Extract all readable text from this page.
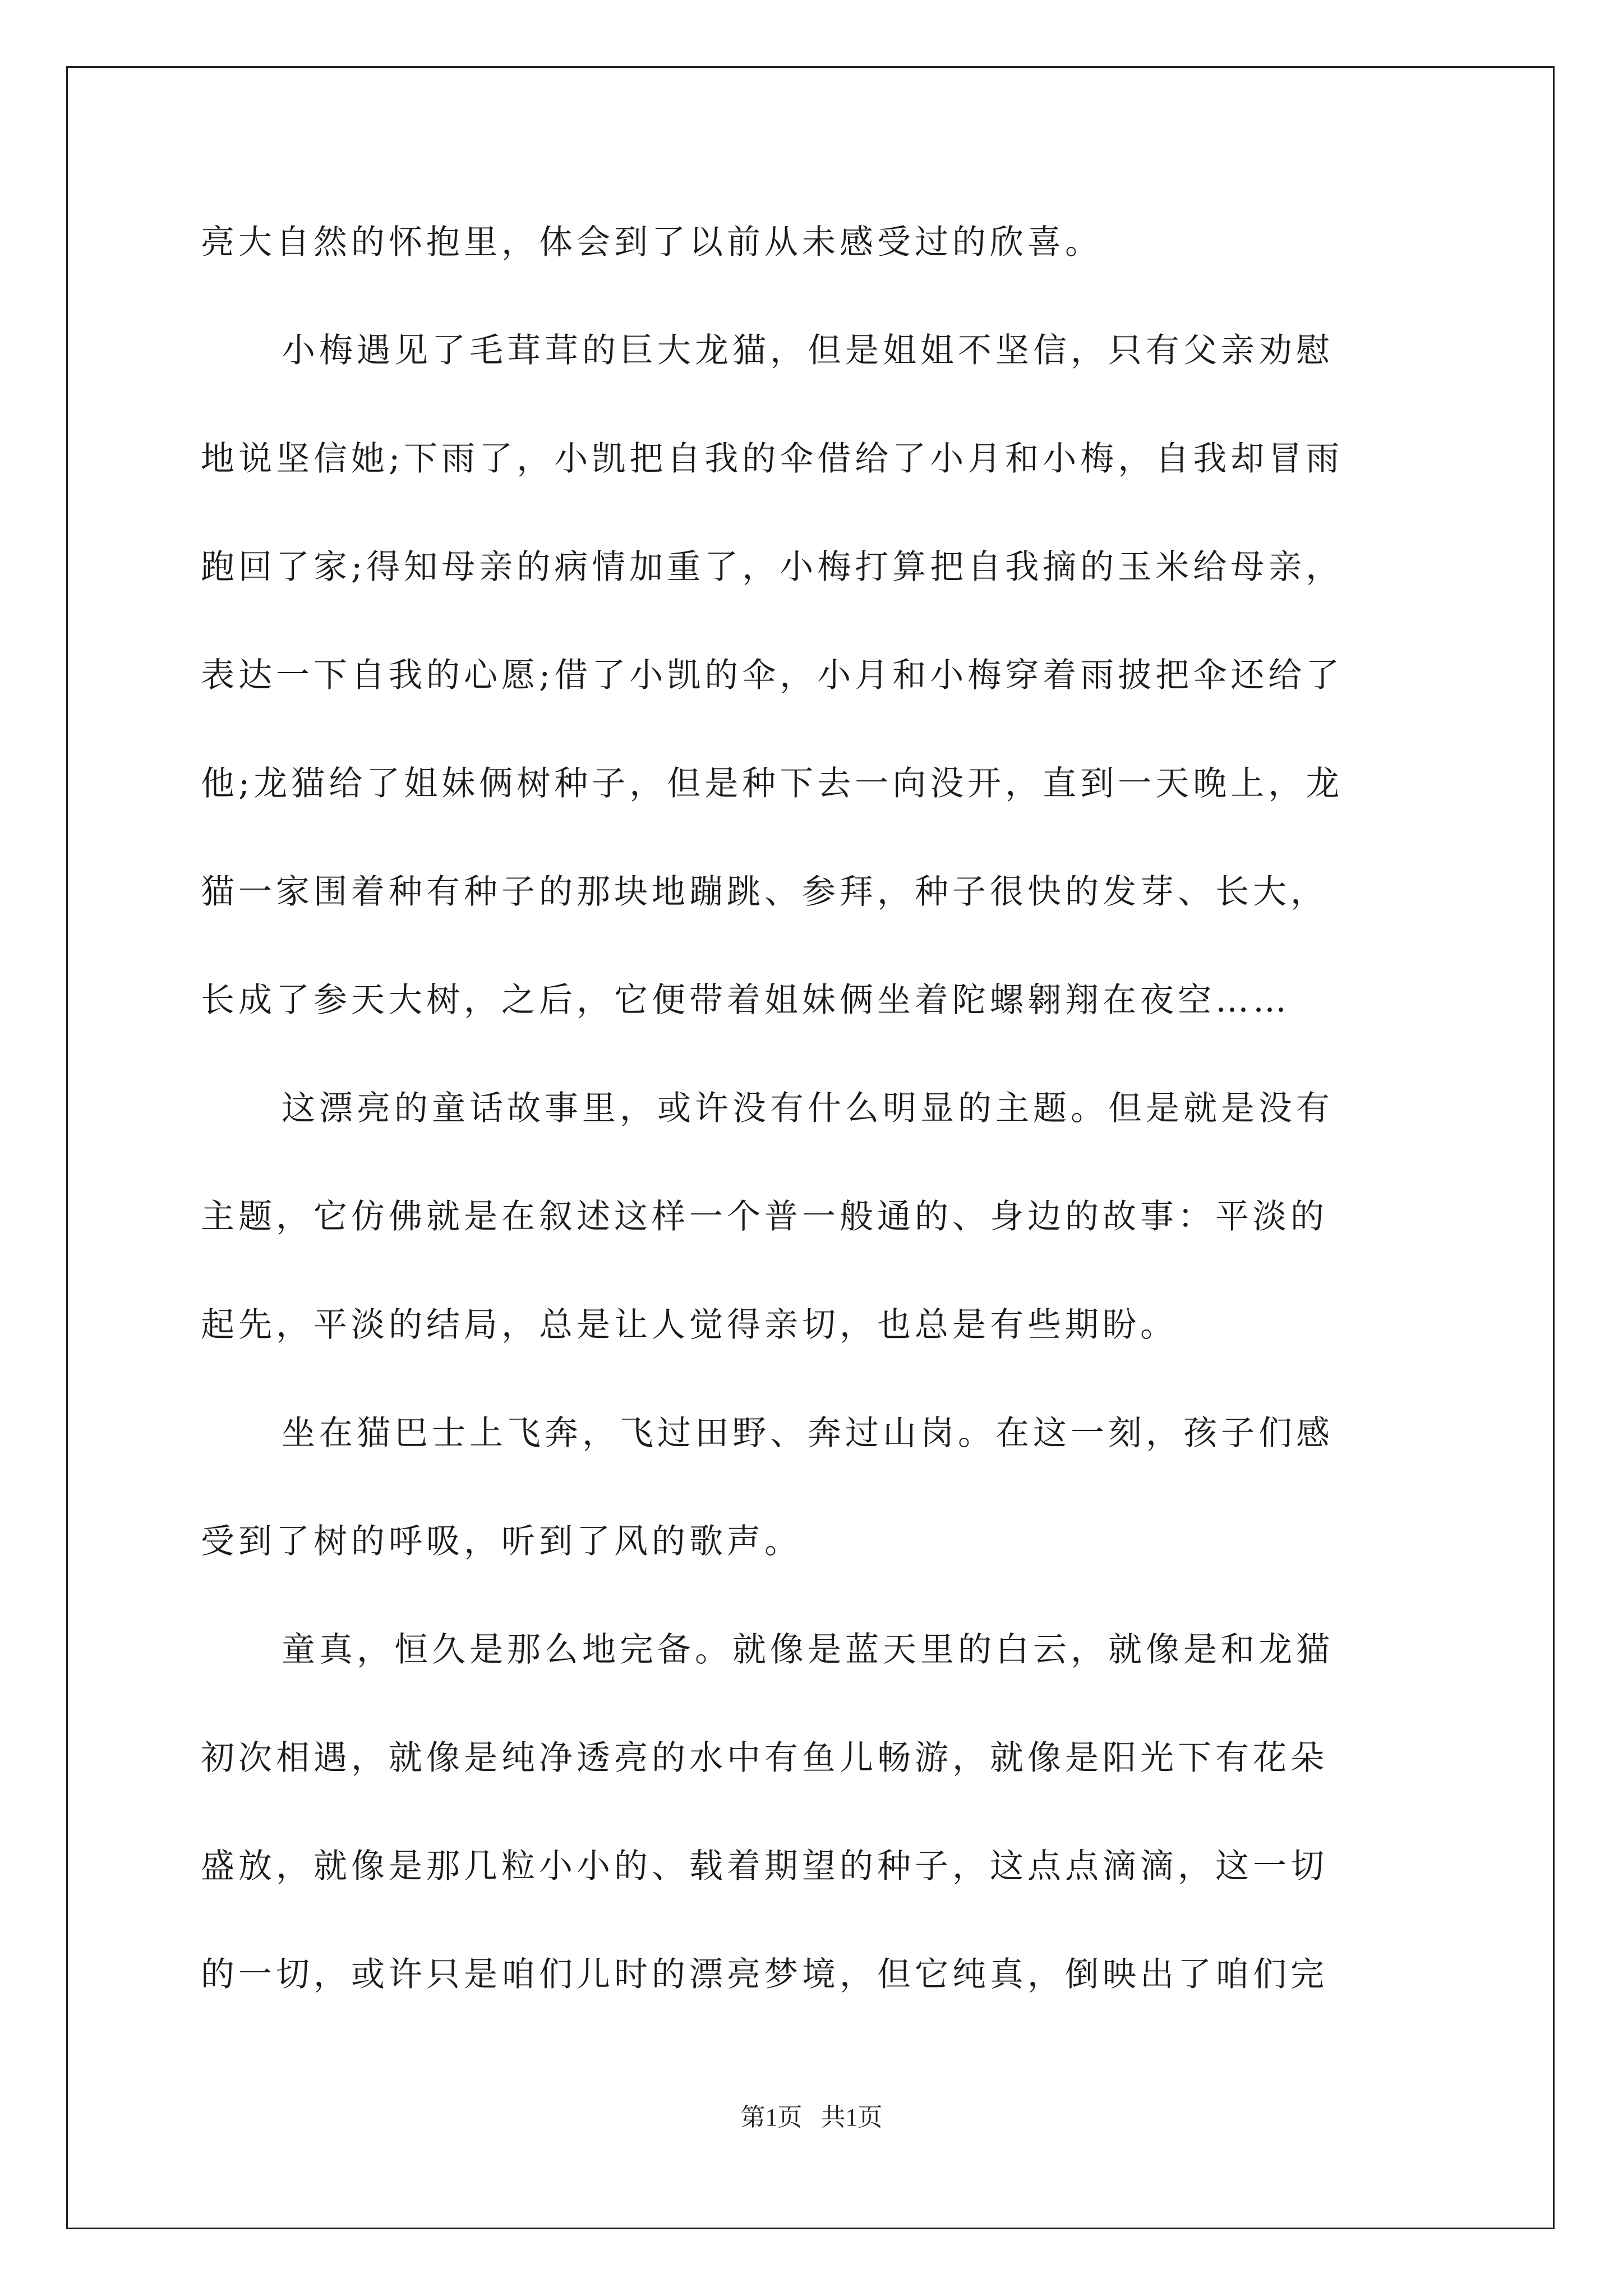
亮大自然的怀抱里，体会到了以前从未感受过的欣喜。
小梅遇见了毛茸茸的巨大龙猫，但是姐姐不坚信，只有父亲劝慰
地说坚信她;下雨了，小凯把自我的伞借给了小月和小梅，自我却冒雨
跑回了家;得知母亲的病情加重了，小梅打算把自我摘的玉米给母亲，
表达一下自我的心愿;借了小凯的伞，小月和小梅穿着雨披把伞还给了
他;龙猫给了姐妹俩树种子，但是种下去一向没开，直到一天晚上，龙
猫一家围着种有种子的那块地蹦跳、参拜，种子很快的发芽、长大，
长成了参天大树，之后，它便带着姐妹俩坐着陀螺翱翔在夜空……
这漂亮的童话故事里，或许没有什么明显的主题。但是就是没有
主题，它仿佛就是在叙述这样一个普一般通的、身边的故事：平淡的
起先，平淡的结局，总是让人觉得亲切，也总是有些期盼。
坐在猫巴士上飞奔，飞过田野、奔过山岗。在这一刻，孩子们感
受到了树的呼吸，听到了风的歌声。
童真，恒久是那么地完备。就像是蓝天里的白云，就像是和龙猫
初次相遇，就像是纯净透亮的水中有鱼儿畅游，就像是阳光下有花朵
盛放，就像是那几粒小小的、载着期望的种子，这点点滴滴，这一切
的一切，或许只是咱们儿时的漂亮梦境，但它纯真，倒映出了咱们完
第1页   共1页
